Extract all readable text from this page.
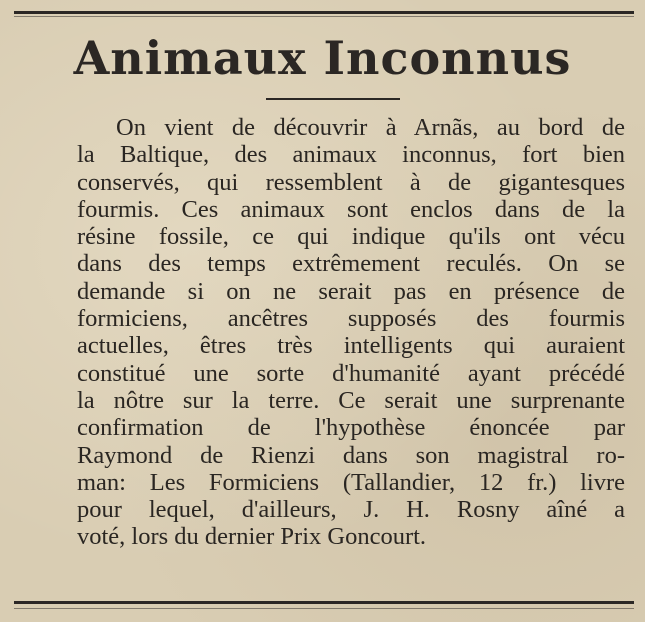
Animaux Inconnus
On vient de découvrir à Arnãs, au bord de
la Baltique, des animaux inconnus, fort bien
conservés, qui ressemblent à de gigantesques
fourmis. Ces animaux sont enclos dans de la
résine fossile, ce qui indique qu'ils ont vécu
dans des temps extrêmement reculés. On se
demande si on ne serait pas en présence de
formiciens, ancêtres supposés des fourmis
actuelles, êtres très intelligents qui auraient
constitué une sorte d'humanité ayant précédé
la nôtre sur la terre. Ce serait une surprenante
confirmation de l'hypothèse énoncée par
Raymond de Rienzi dans son magistral ro-
man: Les Formiciens (Tallandier, 12 fr.) livre
pour lequel, d'ailleurs, J. H. Rosny aîné a
voté, lors du dernier Prix Goncourt.
